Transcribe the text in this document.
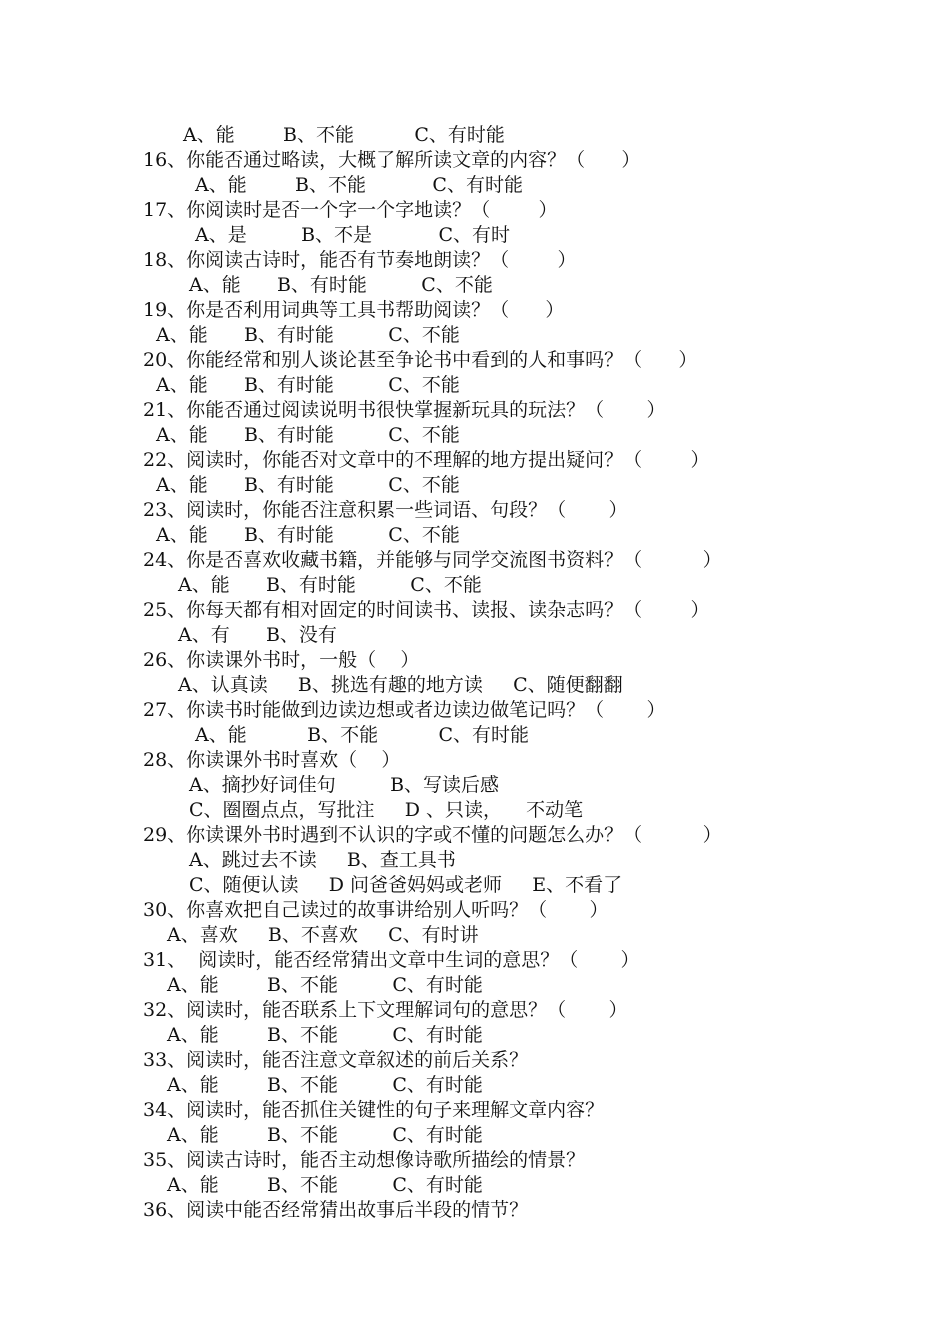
A、能        B、不能          C、有时能
16、你能否通过略读，大概了解所读文章的内容？（      ）
A、能        B、不能           C、有时能
17、你阅读时是否一个字一个字地读？（        ）
A、是         B、不是           C、有时
18、你阅读古诗时，能否有节奏地朗读？（        ）
A、能      B、有时能         C、不能
19、你是否利用词典等工具书帮助阅读？（      ）
A、能      B、有时能         C、不能
20、你能经常和别人谈论甚至争论书中看到的人和事吗？（      ）
A、能      B、有时能         C、不能
21、你能否通过阅读说明书很快掌握新玩具的玩法？（       ）
A、能      B、有时能         C、不能
22、阅读时，你能否对文章中的不理解的地方提出疑问？（        ）
A、能      B、有时能         C、不能
23、阅读时，你能否注意积累一些词语、句段？（       ）
A、能      B、有时能         C、不能
24、你是否喜欢收藏书籍，并能够与同学交流图书资料？（          ）
A、能      B、有时能         C、不能
25、你每天都有相对固定的时间读书、读报、读杂志吗？（        ）
A、有      B、没有
26、你读课外书时，一般（    ）
A、认真读     B、挑选有趣的地方读     C、随便翻翻
27、你读书时能做到边读边想或者边读边做笔记吗？（       ）
A、能          B、不能          C、有时能
28、你读课外书时喜欢（    ）
A、摘抄好词佳句         B、写读后感
C、圈圈点点，写批注     D 、只读，    不动笔
29、你读课外书时遇到不认识的字或不懂的问题怎么办？（          ）
A、跳过去不读     B、查工具书
C、随便认读     D 问爸爸妈妈或老师     E、不看了
30、你喜欢把自己读过的故事讲给别人听吗？（       ）
A、喜欢     B、不喜欢     C、有时讲
31、  阅读时，能否经常猜出文章中生词的意思？（       ）
A、能        B、不能         C、有时能
32、阅读时，能否联系上下文理解词句的意思？（       ）
A、能        B、不能         C、有时能
33、阅读时，能否注意文章叙述的前后关系？
A、能        B、不能         C、有时能
34、阅读时，能否抓住关键性的句子来理解文章内容？
A、能        B、不能         C、有时能
35、阅读古诗时，能否主动想像诗歌所描绘的情景？
A、能        B、不能         C、有时能
36、阅读中能否经常猜出故事后半段的情节？
